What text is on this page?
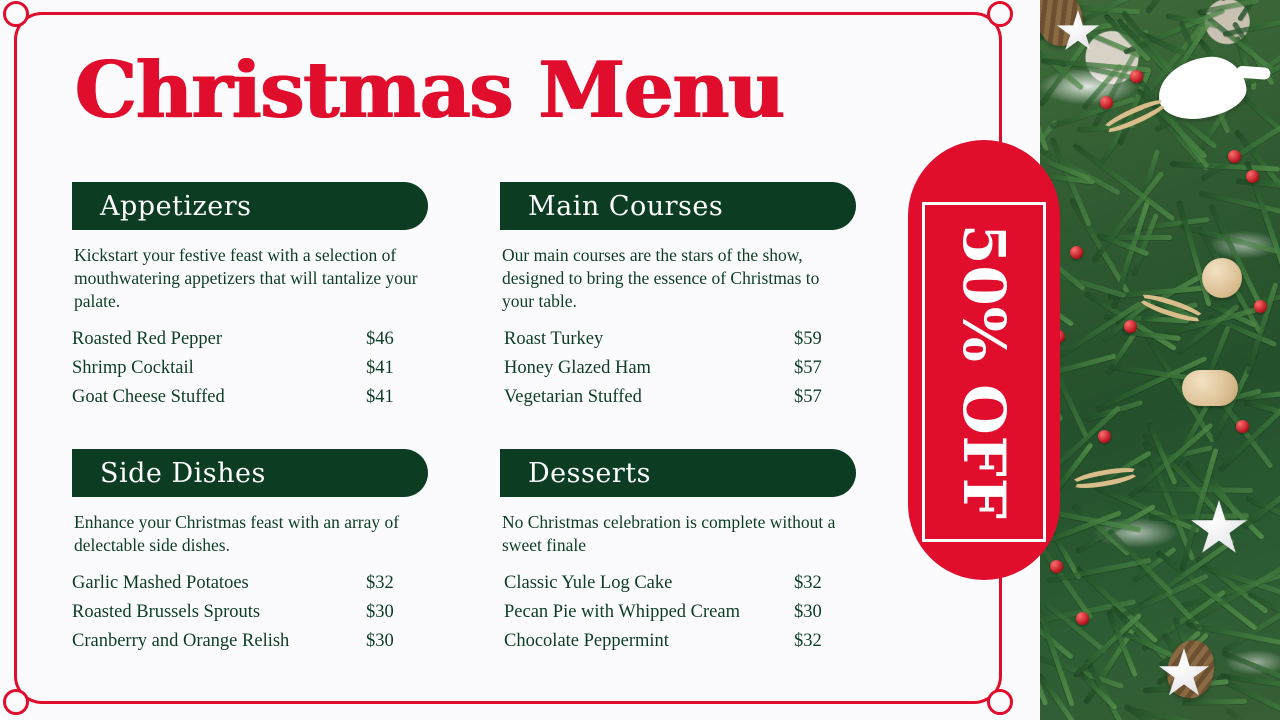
Christmas Menu
Appetizers
Kickstart your festive feast with a selection of mouthwatering appetizers that will tantalize your palate.
Roasted Red Pepper	$46
Shrimp Cocktail	$41
Goat Cheese Stuffed	$41
Side Dishes
Enhance your Christmas feast with an array of delectable side dishes.
Garlic Mashed Potatoes	$32
Roasted Brussels Sprouts	$30
Cranberry and Orange Relish	$30
Main Courses
Our main courses are the stars of the show, designed to bring the essence of Christmas to your table.
Roast Turkey	$59
Honey Glazed Ham	$57
Vegetarian Stuffed	$57
Desserts
No Christmas celebration is complete without a sweet finale
Classic Yule Log Cake	$32
Pecan Pie with Whipped Cream	$30
Chocolate Peppermint	$32
50% OFF
